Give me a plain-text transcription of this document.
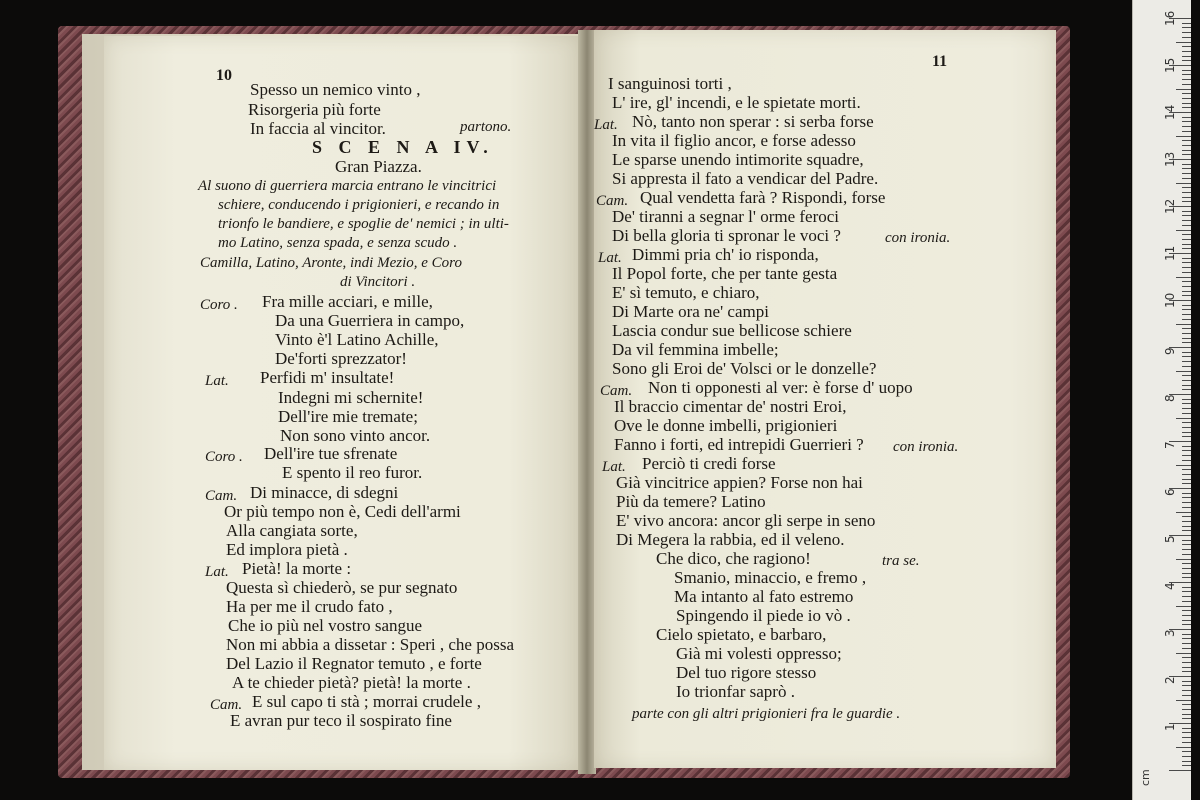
10
Spesso un nemico vinto ,
Risorgeria più forte
In faccia al vincitor.	partono.
S C E N A IV.
Gran Piazza.
Al suono di guerriera marcia entrano le vincitrici
schiere, conducendo i prigionieri, e recando in
trionfo le bandiere, e spoglie de' nemici ; in ulti-
mo Latino, senza spada, e senza scudo .
Camilla, Latino, Aronte, indi Mezio, e Coro
di Vincitori .
Coro . Fra mille acciari, e mille,
Da una Guerriera in campo,
Vinto è'l Latino Achille,
De'forti sprezzator!
Lat. Perfidi m' insultate!
Indegni mi schernite!
Dell'ire mie tremate;
Non sono vinto ancor.
Coro . Dell'ire tue sfrenate
E spento il reo furor.
Cam. Di minacce, di sdegni
Or più tempo non è, Cedi dell'armi
Alla cangiata sorte,
Ed implora pietà .
Lat. Pietà! la morte :
Questa sì chiederò, se pur segnato
Ha per me il crudo fato ,
Che io più nel vostro sangue
Non mi abbia a dissetar : Speri , che possa
Del Lazio il Regnator temuto , e forte
A te chieder pietà? pietà! la morte .
Cam. E sul capo ti stà ; morrai crudele ,
E avran pur teco il sospirato fine
11
I sanguinosi torti ,
L' ire, gl' incendi, e le spietate morti.
Lat. Nò, tanto non sperar : si serba forse
In vita il figlio ancor, e forse adesso
Le sparse unendo intimorite squadre,
Si appresta il fato a vendicar del Padre.
Cam. Qual vendetta farà ? Rispondi, forse
De' tiranni a segnar l' orme feroci
Di bella gloria ti spronar le voci ?	con ironia.
Lat. Dimmi pria ch' io risponda,
Il Popol forte, che per tante gesta
E' sì temuto, e chiaro,
Di Marte ora ne' campi
Lascia condur sue bellicose schiere
Da vil femmina imbelle;
Sono gli Eroi de' Volsci or le donzelle?
Cam. Non ti opponesti al ver: è forse d' uopo
Il braccio cimentar de' nostri Eroi,
Ove le donne imbelli, prigionieri
Fanno i forti, ed intrepidi Guerrieri ? con ironia.
Lat. Perciò ti credi forse
Già vincitrice appien? Forse non hai
Più da temere? Latino
E' vivo ancora: ancor gli serpe in seno
Di Megera la rabbia, ed il veleno.
Che dico, che ragiono!	tra se.
Smanio, minaccio, e fremo ,
Ma intanto al fato estremo
Spingendo il piede io vò .
Cielo spietato, e barbaro,
Già mi volesti oppresso;
Del tuo rigore stesso
Io trionfar saprò .
parte con gli altri prigionieri fra le guardie .
cm
1
2
3
4
5
6
7
8
9
10
11
12
13
14
15
16
